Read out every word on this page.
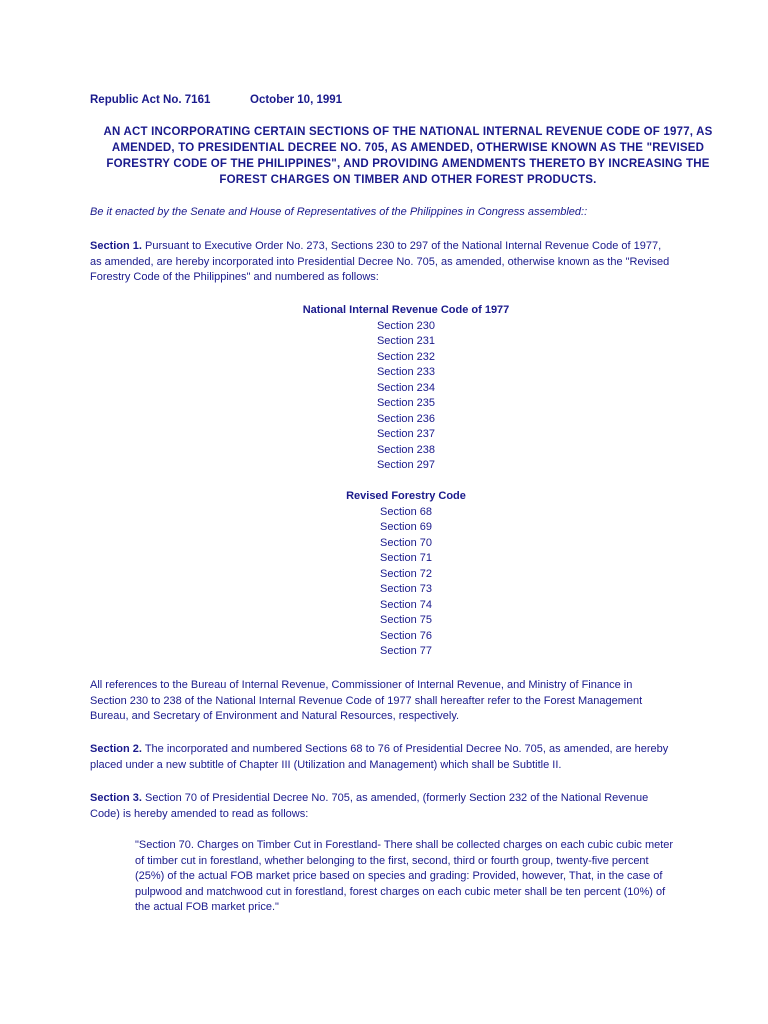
Republic Act No. 7161	October 10, 1991
AN ACT INCORPORATING CERTAIN SECTIONS OF THE NATIONAL INTERNAL REVENUE CODE OF 1977, AS AMENDED, TO PRESIDENTIAL DECREE NO. 705, AS AMENDED, OTHERWISE KNOWN AS THE "REVISED FORESTRY CODE OF THE PHILIPPINES", AND PROVIDING AMENDMENTS THERETO BY INCREASING THE FOREST CHARGES ON TIMBER AND OTHER FOREST PRODUCTS.
Be it enacted by the Senate and House of Representatives of the Philippines in Congress assembled::
Section 1. Pursuant to Executive Order No. 273, Sections 230 to 297 of the National Internal Revenue Code of 1977, as amended, are hereby incorporated into Presidential Decree No. 705, as amended, otherwise known as the "Revised Forestry Code of the Philippines" and numbered as follows:
National Internal Revenue Code of 1977
Section 230
Section 231
Section 232
Section 233
Section 234
Section 235
Section 236
Section 237
Section 238
Section 297
Revised Forestry Code
Section 68
Section 69
Section 70
Section 71
Section 72
Section 73
Section 74
Section 75
Section 76
Section 77
All references to the Bureau of Internal Revenue, Commissioner of Internal Revenue, and Ministry of Finance in Section 230 to 238 of the National Internal Revenue Code of 1977 shall hereafter refer to the Forest Management Bureau, and Secretary of Environment and Natural Resources, respectively.
Section 2. The incorporated and numbered Sections 68 to 76 of Presidential Decree No. 705, as amended, are hereby placed under a new subtitle of Chapter III (Utilization and Management) which shall be Subtitle II.
Section 3. Section 70 of Presidential Decree No. 705, as amended, (formerly Section 232 of the National Revenue Code) is hereby amended to read as follows:
"Section 70. Charges on Timber Cut in Forestland- There shall be collected charges on each cubic cubic meter of timber cut in forestland, whether belonging to the first, second, third or fourth group, twenty-five percent (25%) of the actual FOB market price based on species and grading: Provided, however, That, in the case of pulpwood and matchwood cut in forestland, forest charges on each cubic meter shall be ten percent (10%) of the actual FOB market price."
